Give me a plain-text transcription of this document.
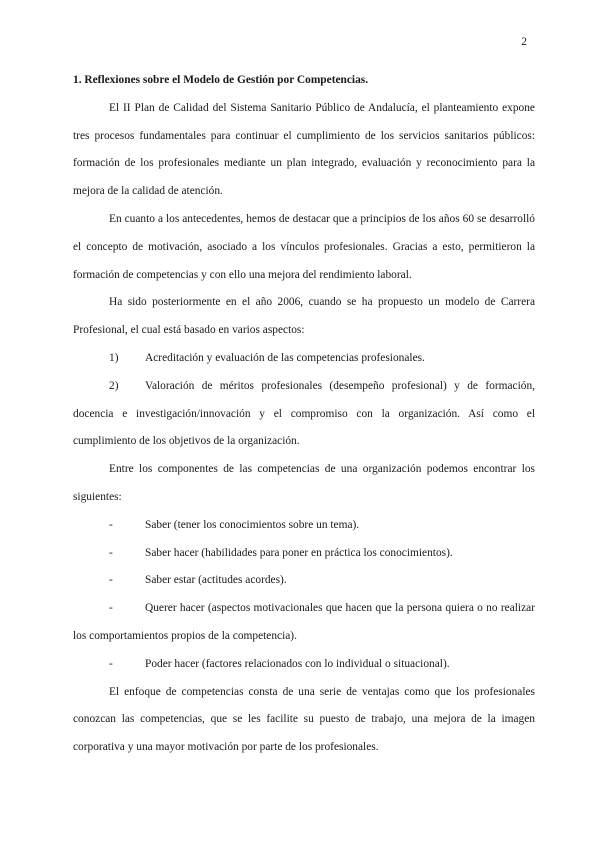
2

1. Reflexiones sobre el Modelo de Gestión por Competencias.

El II Plan de Calidad del Sistema Sanitario Público de Andalucía, el planteamiento expone tres procesos fundamentales para continuar el cumplimiento de los servicios sanitarios públicos: formación de los profesionales mediante un plan integrado, evaluación y reconocimiento para la mejora de la calidad de atención.

En cuanto a los antecedentes, hemos de destacar que a principios de los años 60 se desarrolló el concepto de motivación, asociado a los vínculos profesionales. Gracias a esto, permitieron la formación de competencias y con ello una mejora del rendimiento laboral.

Ha sido posteriormente en el año 2006, cuando se ha propuesto un modelo de Carrera Profesional, el cual está basado en varios aspectos:

1) Acreditación y evaluación de las competencias profesionales.

2) Valoración de méritos profesionales (desempeño profesional) y de formación, docencia e investigación/innovación y el compromiso con la organización. Así como el cumplimiento de los objetivos de la organización.

Entre los componentes de las competencias de una organización podemos encontrar los siguientes:

-	Saber (tener los conocimientos sobre un tema).

-	Saber hacer (habilidades para poner en práctica los conocimientos).

-	Saber estar (actitudes acordes).

-	Querer hacer (aspectos motivacionales que hacen que la persona quiera o no realizar los comportamientos propios de la competencia).

-	Poder hacer (factores relacionados con lo individual o situacional).

El enfoque de competencias consta de una serie de ventajas como que los profesionales conozcan las competencias, que se les facilite su puesto de trabajo, una mejora de la imagen corporativa y una mayor motivación por parte de los profesionales.
